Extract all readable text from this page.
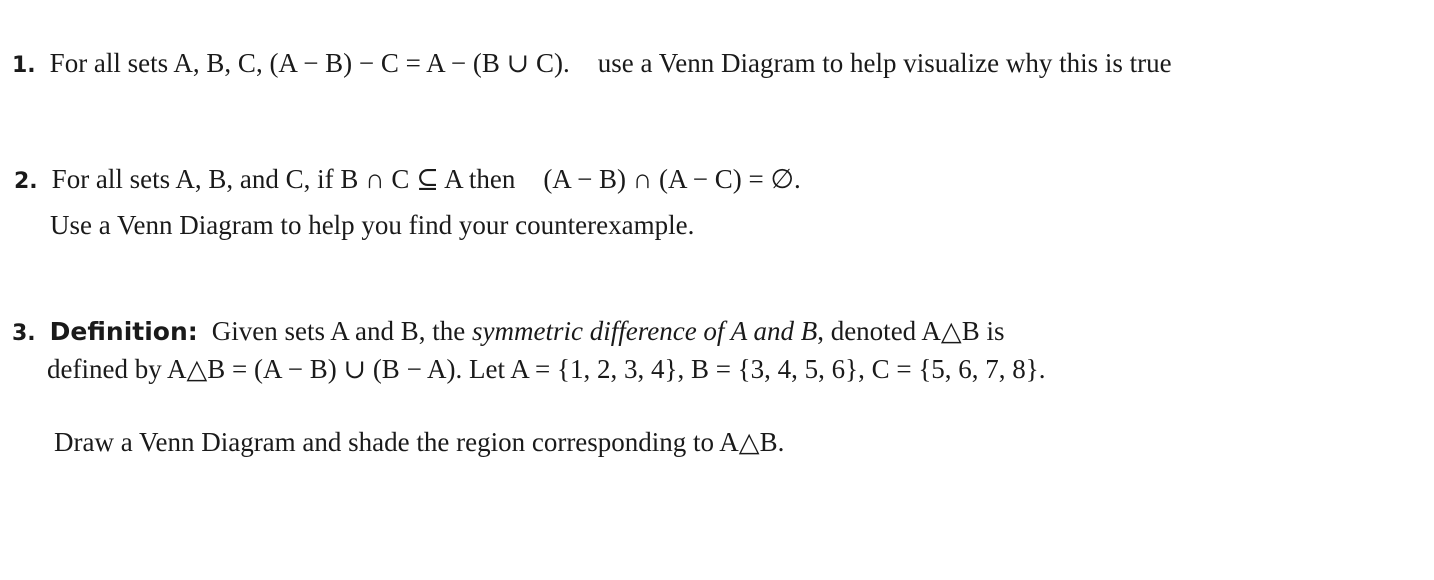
1. For all sets A, B, C, (A − B) − C = A − (B ∪ C). use a Venn Diagram to help visualize why this is true
2. For all sets A, B, and C, if B ∩ C ⊆ A then (A − B) ∩ (A − C) = ∅.
Use a Venn Diagram to help you find your counterexample.
3. Definition: Given sets A and B, the symmetric difference of A and B, denoted A△B is
defined by A△B = (A − B) ∪ (B − A). Let A = {1, 2, 3, 4}, B = {3, 4, 5, 6}, C = {5, 6, 7, 8}.
Draw a Venn Diagram and shade the region corresponding to A△B.
